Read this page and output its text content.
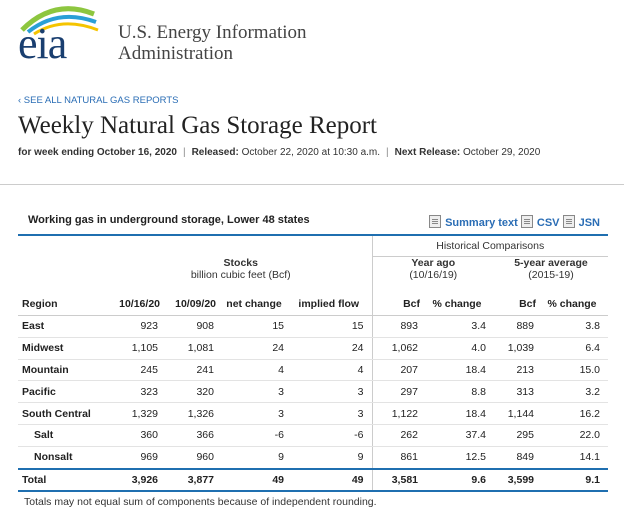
eia	U.S. Energy Information
Administration
‹ SEE ALL NATURAL GAS REPORTS
Weekly Natural Gas Storage Report
for week ending October 16, 2020 | Released: October 22, 2020 at 10:30 a.m. | Next Release: October 29, 2020
Working gas in underground storage, Lower 48 states	Summary text CSV JSN

					Historical Comparisons			
	Stocks
billion cubic feet (Bcf)				Year ago
(10/16/19)		5-year average
(2015-19)	
Region	10/16/20	10/09/20	net change	implied flow	Bcf	% change	Bcf	% change
East	923	908	15	15	893	3.4	889	3.8
Midwest	1,105	1,081	24	24	1,062	4.0	1,039	6.4
Mountain	245	241	4	4	207	18.4	213	15.0
Pacific	323	320	3	3	297	8.8	313	3.2
South Central	1,329	1,326	3	3	1,122	18.4	1,144	16.2
Salt	360	366	-6	-6	262	37.4	295	22.0
Nonsalt	969	960	9	9	861	12.5	849	14.1
Total	3,926	3,877	49	49	3,581	9.6	3,599	9.1
Totals may not equal sum of components because of independent rounding.
